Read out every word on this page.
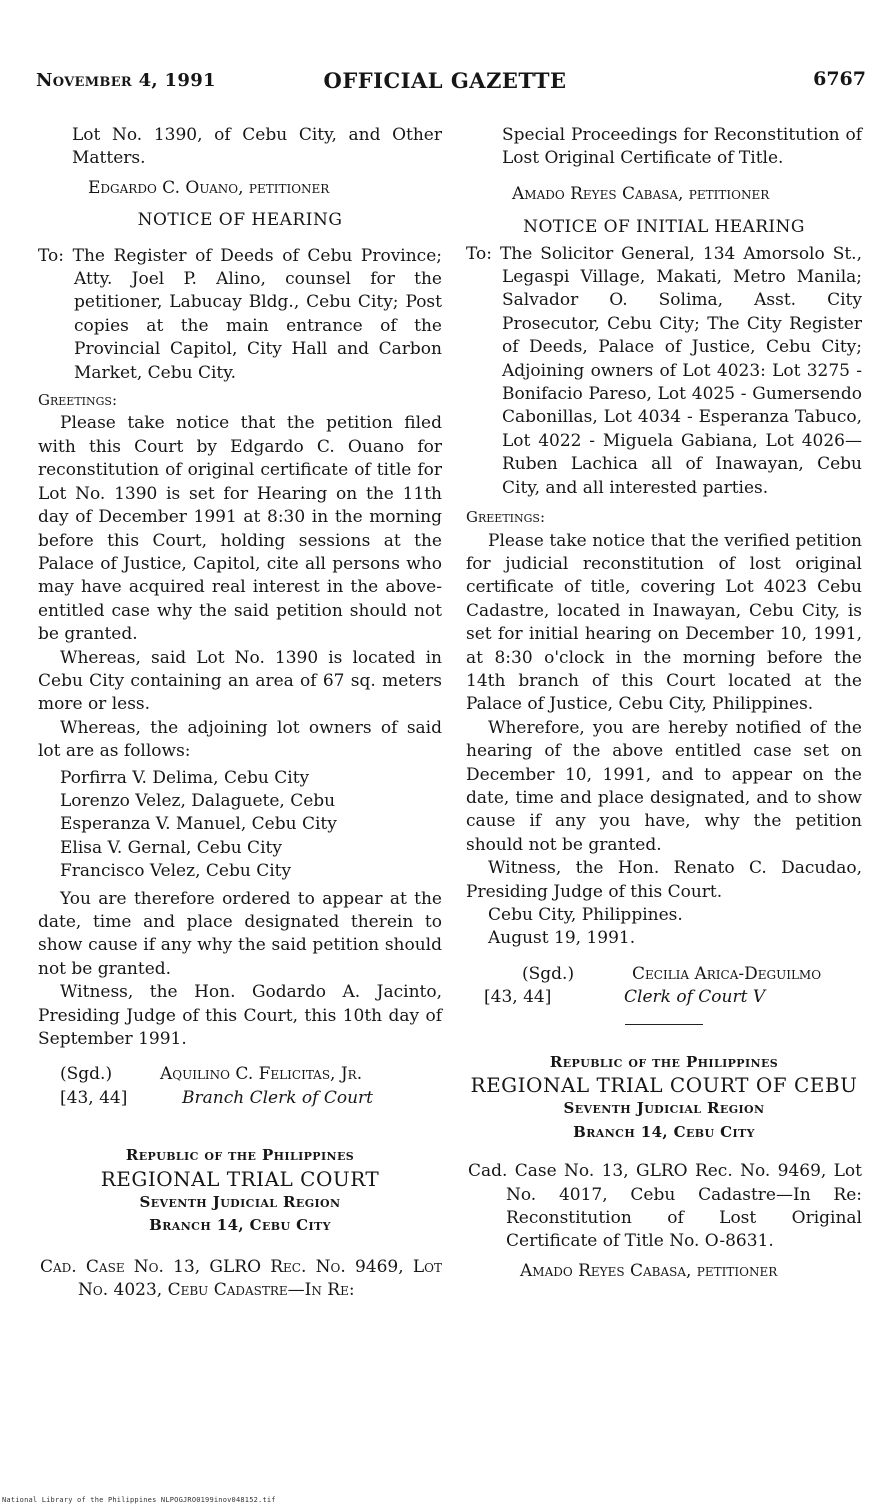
November 4, 1991	OFFICIAL GAZETTE	6767

Lot No. 1390, of Cebu City, and Other Matters.

Edgardo C. Ouano, petitioner

NOTICE OF HEARING

To: The Register of Deeds of Cebu Province; Atty. Joel P. Alino, counsel for the petitioner, Labucay Bldg., Cebu City; Post copies at the main entrance of the Provincial Capitol, City Hall and Carbon Market, Cebu City.

Greetings:

Please take notice that the petition filed with this Court by Edgardo C. Ouano for reconstitution of original certificate of title for Lot No. 1390 is set for Hearing on the 11th day of December 1991 at 8:30 in the morning before this Court, holding sessions at the Palace of Justice, Capitol, cite all persons who may have acquired real interest in the above-entitled case why the said petition should not be granted.

Whereas, said Lot No. 1390 is located in Cebu City containing an area of 67 sq. meters more or less.

Whereas, the adjoining lot owners of said lot are as follows:

Porfirra V. Delima, Cebu City

Lorenzo Velez, Dalaguete, Cebu

Esperanza V. Manuel, Cebu City

Elisa V. Gernal, Cebu City

Francisco Velez, Cebu City

You are therefore ordered to appear at the date, time and place designated therein to show cause if any why the said petition should not be granted.

Witness, the Hon. Godardo A. Jacinto, Presiding Judge of this Court, this 10th day of September 1991.

(Sgd.)	Aquilino C. Felicitas, Jr.
[43, 44]	Branch Clerk of Court

Republic of the Philippines

REGIONAL TRIAL COURT

Seventh Judicial Region

Branch 14, Cebu City

Cad. Case No. 13, GLRO Rec. No. 9469, Lot No. 4023, Cebu Cadastre—In Re:

Special Proceedings for Reconstitution of Lost Original Certificate of Title.

Amado Reyes Cabasa, petitioner

NOTICE OF INITIAL HEARING

To: The Solicitor General, 134 Amorsolo St., Legaspi Village, Makati, Metro Manila; Salvador O. Solima, Asst. City Prosecutor, Cebu City; The City Register of Deeds, Palace of Justice, Cebu City; Adjoining owners of Lot 4023: Lot 3275 - Bonifacio Pareso, Lot 4025 - Gumersendo Cabonillas, Lot 4034 - Esperanza Tabuco, Lot 4022 - Miguela Gabiana, Lot 4026—Ruben Lachica all of Inawayan, Cebu City, and all interested parties.

Greetings:

Please take notice that the verified petition for judicial reconstitution of lost original certificate of title, covering Lot 4023 Cebu Cadastre, located in Inawayan, Cebu City, is set for initial hearing on December 10, 1991, at 8:30 o'clock in the morning before the 14th branch of this Court located at the Palace of Justice, Cebu City, Philippines.

Wherefore, you are hereby notified of the hearing of the above entitled case set on December 10, 1991, and to appear on the date, time and place designated, and to show cause if any you have, why the petition should not be granted.

Witness, the Hon. Renato C. Dacudao, Presiding Judge of this Court.

Cebu City, Philippines.

August 19, 1991.

(Sgd.)	Cecilia Arica-Deguilmo
[43, 44]	Clerk of Court V

Republic of the Philippines

REGIONAL TRIAL COURT OF CEBU

Seventh Judicial Region

Branch 14, Cebu City

Cad. Case No. 13, GLRO Rec. No. 9469, Lot No. 4017, Cebu Cadastre—In Re: Reconstitution of Lost Original Certificate of Title No. O-8631.

Amado Reyes Cabasa, petitioner

National Library of the Philippines NLPOGJRO0199inov048152.tif
